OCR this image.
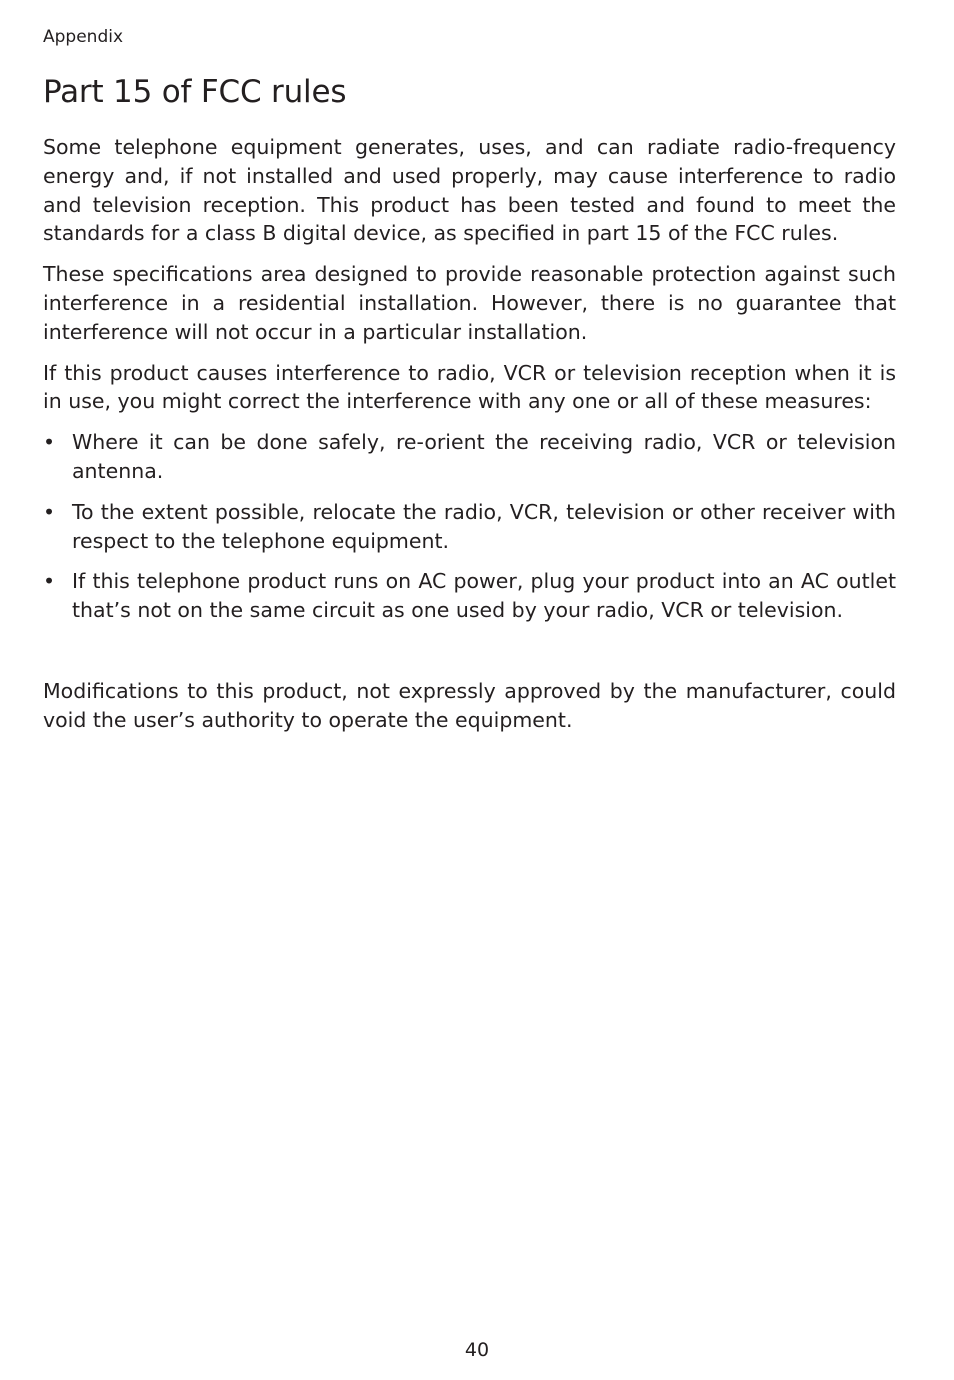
Appendix
Part 15 of FCC rules

Some telephone equipment generates, uses, and can radiate radio-frequency energy and, if not installed and used properly, may cause interference to radio and television reception. This product has been tested and found to meet the standards for a class B digital device, as specified in part 15 of the FCC rules.

These specifications area designed to provide reasonable protection against such interference in a residential installation. However, there is no guarantee that interference will not occur in a particular installation.

If this product causes interference to radio, VCR or television reception when it is in use, you might correct the interference with any one or all of these measures:

• Where it can be done safely, re-orient the receiving radio, VCR or television antenna.
• To the extent possible, relocate the radio, VCR, television or other receiver with respect to the telephone equipment.
• If this telephone product runs on AC power, plug your product into an AC outlet that’s not on the same circuit as one used by your radio, VCR or television.

Modifications to this product, not expressly approved by the manufacturer, could void the user’s authority to operate the equipment.

40
